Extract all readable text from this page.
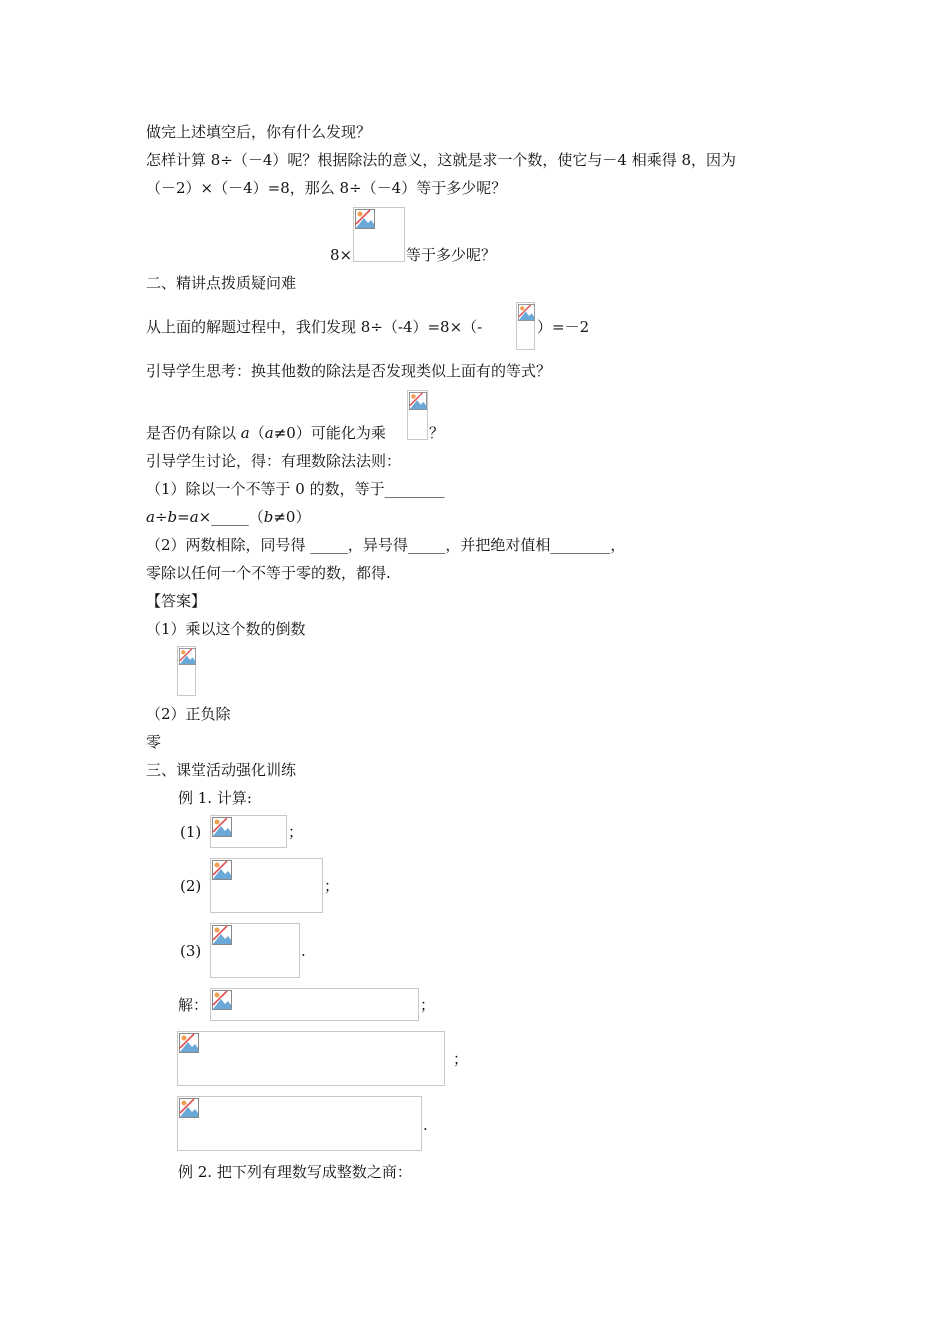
做完上述填空后，你有什么发现？
怎样计算 8÷（－4）呢？根据除法的意义，这就是求一个数，使它与－4 相乘得 8，因为
（－2）×（－4）=8，那么 8÷（－4）等于多少呢？
8×	等于多少呢？
二、精讲点拨质疑问难
从上面的解题过程中，我们发现 8÷（-4）=8×（-	）=－2
引导学生思考：换其他数的除法是否发现类似上面有的等式？
是否仍有除以 a（a≠0）可能化为乘	？
引导学生讨论，得：有理数除法法则：
（1）除以一个不等于 0 的数，等于________
a÷b=a×_____（b≠0）
（2）两数相除，同号得 _____，异号得_____，并把绝对值相________，
零除以任何一个不等于零的数，都得.
【答案】
（1）乘以这个数的倒数
（2）正负除
零
三、课堂活动强化训练
例 1. 计算:
(1)	；
(2)	；
(3)	.
解：	；
；
.
例 2. 把下列有理数写成整数之商：
